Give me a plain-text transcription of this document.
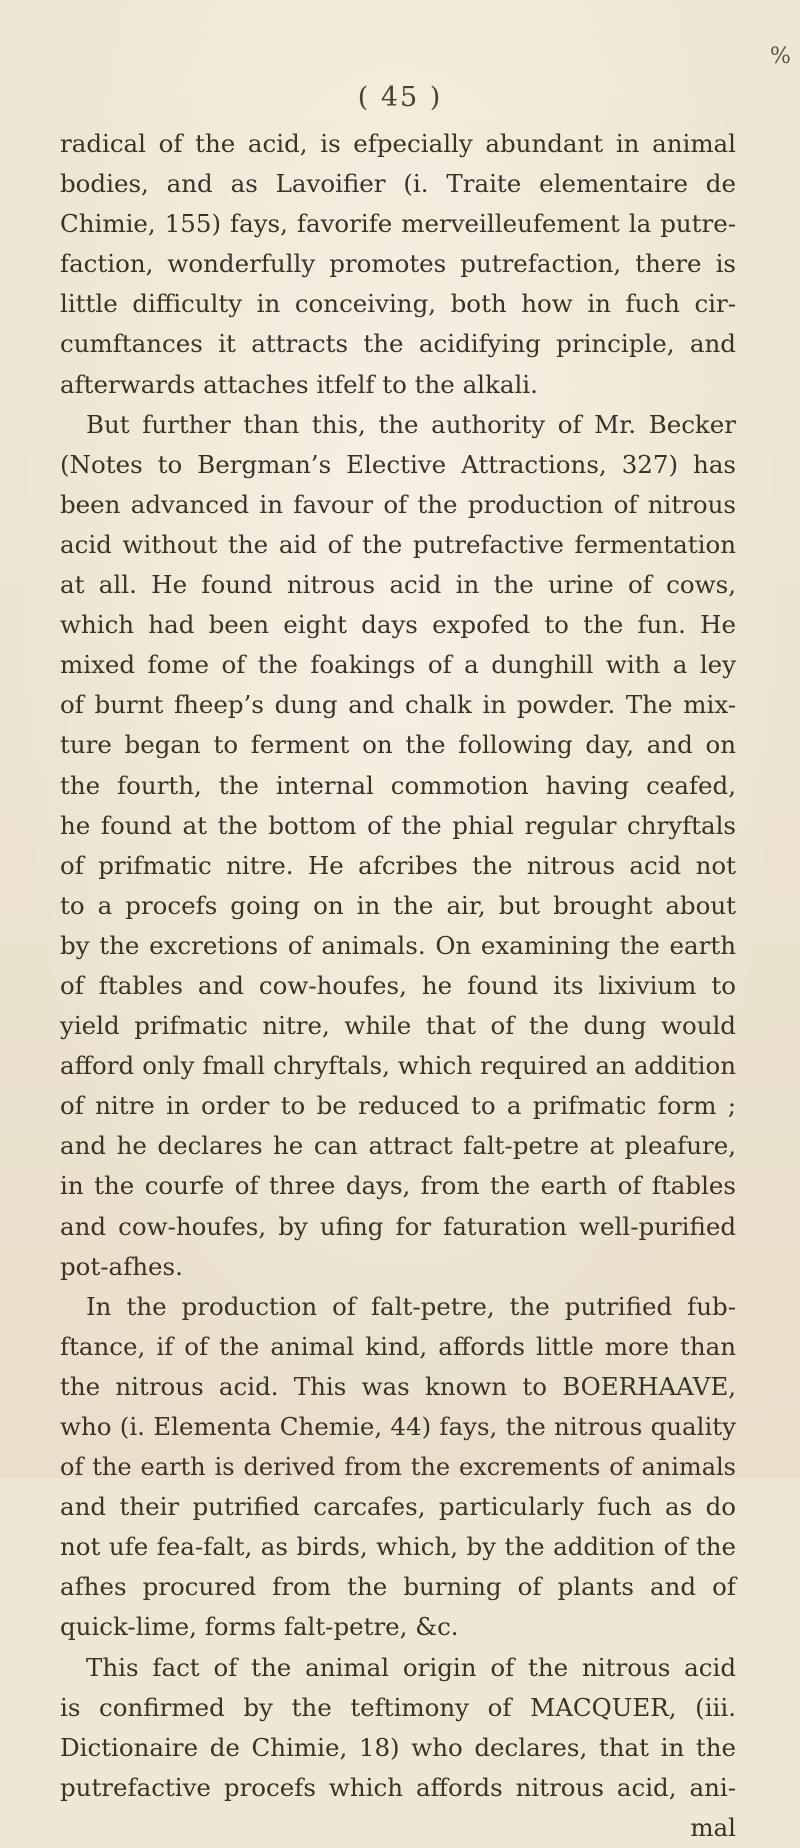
%
( 45 )
radical of the acid, is efpecially abundant in animal
bodies, and as Lavoifier (i. Traite elementaire de
Chimie, 155) fays, favorife merveilleufement la putre-
faction, wonderfully promotes putrefaction, there is
little difficulty in conceiving, both how in fuch cir-
cumftances it attracts the acidifying principle, and
afterwards attaches itfelf to the alkali.
But further than this, the authority of Mr. Becker
(Notes to Bergman’s Elective Attractions, 327) has
been advanced in favour of the production of nitrous
acid without the aid of the putrefactive fermentation
at all. He found nitrous acid in the urine of cows,
which had been eight days expofed to the fun. He
mixed fome of the foakings of a dunghill with a ley
of burnt fheep’s dung and chalk in powder. The mix-
ture began to ferment on the following day, and on
the fourth, the internal commotion having ceafed,
he found at the bottom of the phial regular chryftals
of prifmatic nitre. He afcribes the nitrous acid not
to a procefs going on in the air, but brought about
by the excretions of animals. On examining the earth
of ftables and cow-houfes, he found its lixivium to
yield prifmatic nitre, while that of the dung would
afford only fmall chryftals, which required an addition
of nitre in order to be reduced to a prifmatic form ;
and he declares he can attract falt-petre at pleafure,
in the courfe of three days, from the earth of ftables
and cow-houfes, by ufing for faturation well-purified
pot-afhes.
In the production of falt-petre, the putrified fub-
ftance, if of the animal kind, affords little more than
the nitrous acid. This was known to BOERHAAVE,
who (i. Elementa Chemie, 44) fays, the nitrous quality
of the earth is derived from the excrements of animals
and their putrified carcafes, particularly fuch as do
not ufe fea-falt, as birds, which, by the addition of the
afhes procured from the burning of plants and of
quick-lime, forms falt-petre, &c.
This fact of the animal origin of the nitrous acid
is confirmed by the teftimony of MACQUER, (iii.
Dictionaire de Chimie, 18) who declares, that in the
putrefactive procefs which affords nitrous acid, ani-
mal
